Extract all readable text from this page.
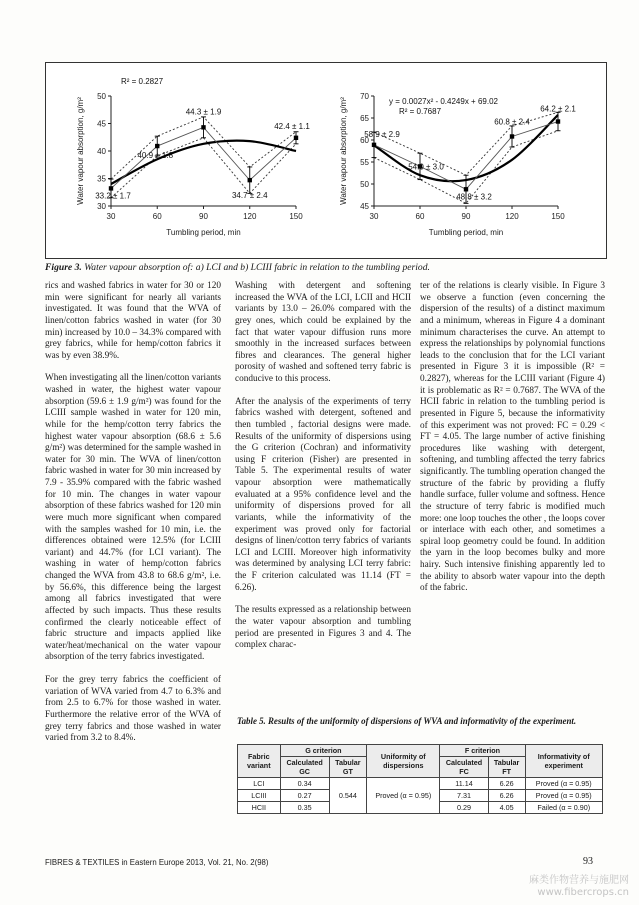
30	60	90	120	150
30
35
40
45
50
Tumbling period, min
Water vapour absorption, g/m² 33.2 ± 1.7
40.9 ± 1.8
44.3 ± 1.9
34.7 ± 2.4
42.4 ± 1.1
R² = 0.2827
30	60	90	120	150
45
50
55
60
65
70
Tumbling period, min
Water vapour absorption, g/m² 58.9 ± 2.9
54.0 ± 3.0
48.8 ± 3.2
60.8 ± 2.4
64.2 ± 2.1
y = 0.0027x² - 0.4249x + 69.02
R² = 0.7687
Figure 3. Water vapour absorption of: a) LCI and b) LCIII fabric in relation to the tumbling period.

rics and washed fabrics in water for 30 or 120 min were significant for nearly all variants investigated. It was found that the WVA of linen/cotton fabrics washed in water (for 30 min) increased by 10.0 – 34.3% compared with grey fabrics, while for hemp/cotton fabrics it was by even 38.9%.

When investigating all the linen/cotton variants washed in water, the highest water vapour absorption (59.6 ± 1.9 g/m²) was found for the LCIII sample washed in water for 120 min, while for the hemp/cotton terry fabrics the highest water vapour absorption (68.6 ± 5.6 g/m²) was determined for the sample washed in water for 30 min. The WVA of linen/cotton fabric washed in water for 30 min increased by 7.9 - 35.9% compared with the fabric washed for 10 min. The changes in water vapour absorption of these fabrics washed for 120 min were much more significant when compared with the samples washed for 10 min, i.e. the differences obtained were 12.5% (for LCIII variant) and 44.7% (for LCI variant). The washing in water of hemp/cotton fabrics changed the WVA from 43.8 to 68.6 g/m², i.e. by 56.6%, this difference being the largest among all fabrics investigated that were affected by such impacts. Thus these results confirmed the clearly noticeable effect of fabric structure and impacts applied like water/heat/mechanical on the water vapour absorption of the terry fabrics investigated.

For the grey terry fabrics the coefficient of variation of WVA varied from 4.7 to 6.3% and from 2.5 to 6.7% for those washed in water. Furthermore the relative error of the WVA of grey terry fabrics and those washed in water varied from 3.2 to 8.4%.

Washing with detergent and softening increased the WVA of the LCI, LCII and HCII variants by 13.0 – 26.0% compared with the grey ones, which could be explained by the fact that water vapour diffusion runs more smoothly in the increased surfaces between fibres and clearances. The general higher porosity of washed and softened terry fabric is conducive to this process.

After the analysis of the experiments of terry fabrics washed with detergent, softened and then tumbled , factorial designs were made. Results of the uniformity of dispersions using the G criterion (Cochran) and informativity using F criterion (Fisher) are presented in Table 5. The experimental results of water vapour absorption were mathematically evaluated at a 95% confidence level and the uniformity of dispersions proved for all variants, while the informativity of the experiment was proved only for factorial designs of linen/cotton terry fabrics of variants LCI and LCIII. Moreover high informativity was determined by analysing LCI terry fabric: the F criterion calculated was 11.14 (FT = 6.26).

The results expressed as a relationship between the water vapour absorption and tumbling period are presented in Figures 3 and 4. The complex charac-

ter of the relations is clearly visible. In Figure 3 we observe a function (even concerning the dispersion of the results) of a distinct maximum and a minimum, whereas in Figure 4 a dominant minimum characterises the curve. An attempt to express the relationships by polynomial functions leads to the conclusion that for the LCI variant presented in Figure 3 it is impossible (R² = 0.2827), whereas for the LCIII variant (Figure 4) it is problematic as R² = 0.7687. The WVA of the HCII fabric in relation to the tumbling period is presented in Figure 5, because the informativity of this experiment was not proved: FC = 0.29 < FT = 4.05. The large number of active finishing procedures like washing with detergent, softening, and tumbling affected the terry fabrics significantly. The tumbling operation changed the structure of the fabric by providing a fluffy handle surface, fuller volume and softness. Hence the structure of terry fabric is modified much more: one loop touches the other , the loops cover or interlace with each other, and sometimes a spiral loop geometry could be found. In addition the yarn in the loop becomes bulky and more hairy. Such intensive finishing apparently led to the ability to absorb water vapour into the depth of the fabric.

Table 5. Results of the uniformity of dispersions of WVA and informativity of the experiment.
Fabric variant	G criterion		Uniformity of dispersions	F criterion		Informativity of experiment
	Calculated GC	Tabular GT		Calculated FC	Tabular FT	
LCI	0.34	0.544	Proved (α = 0.95)	11.14	6.26	Proved (α = 0.95)
LCIII	0.27			7.31	6.26	Proved (α = 0.95)
HCII	0.35			0.29	4.05	Failed (α = 0.90)
FIBRES & TEXTILES in Eastern Europe 2013, Vol. 21, No. 2(98)	93
麻类作物营养与施肥网
www.fibercrops.cn
